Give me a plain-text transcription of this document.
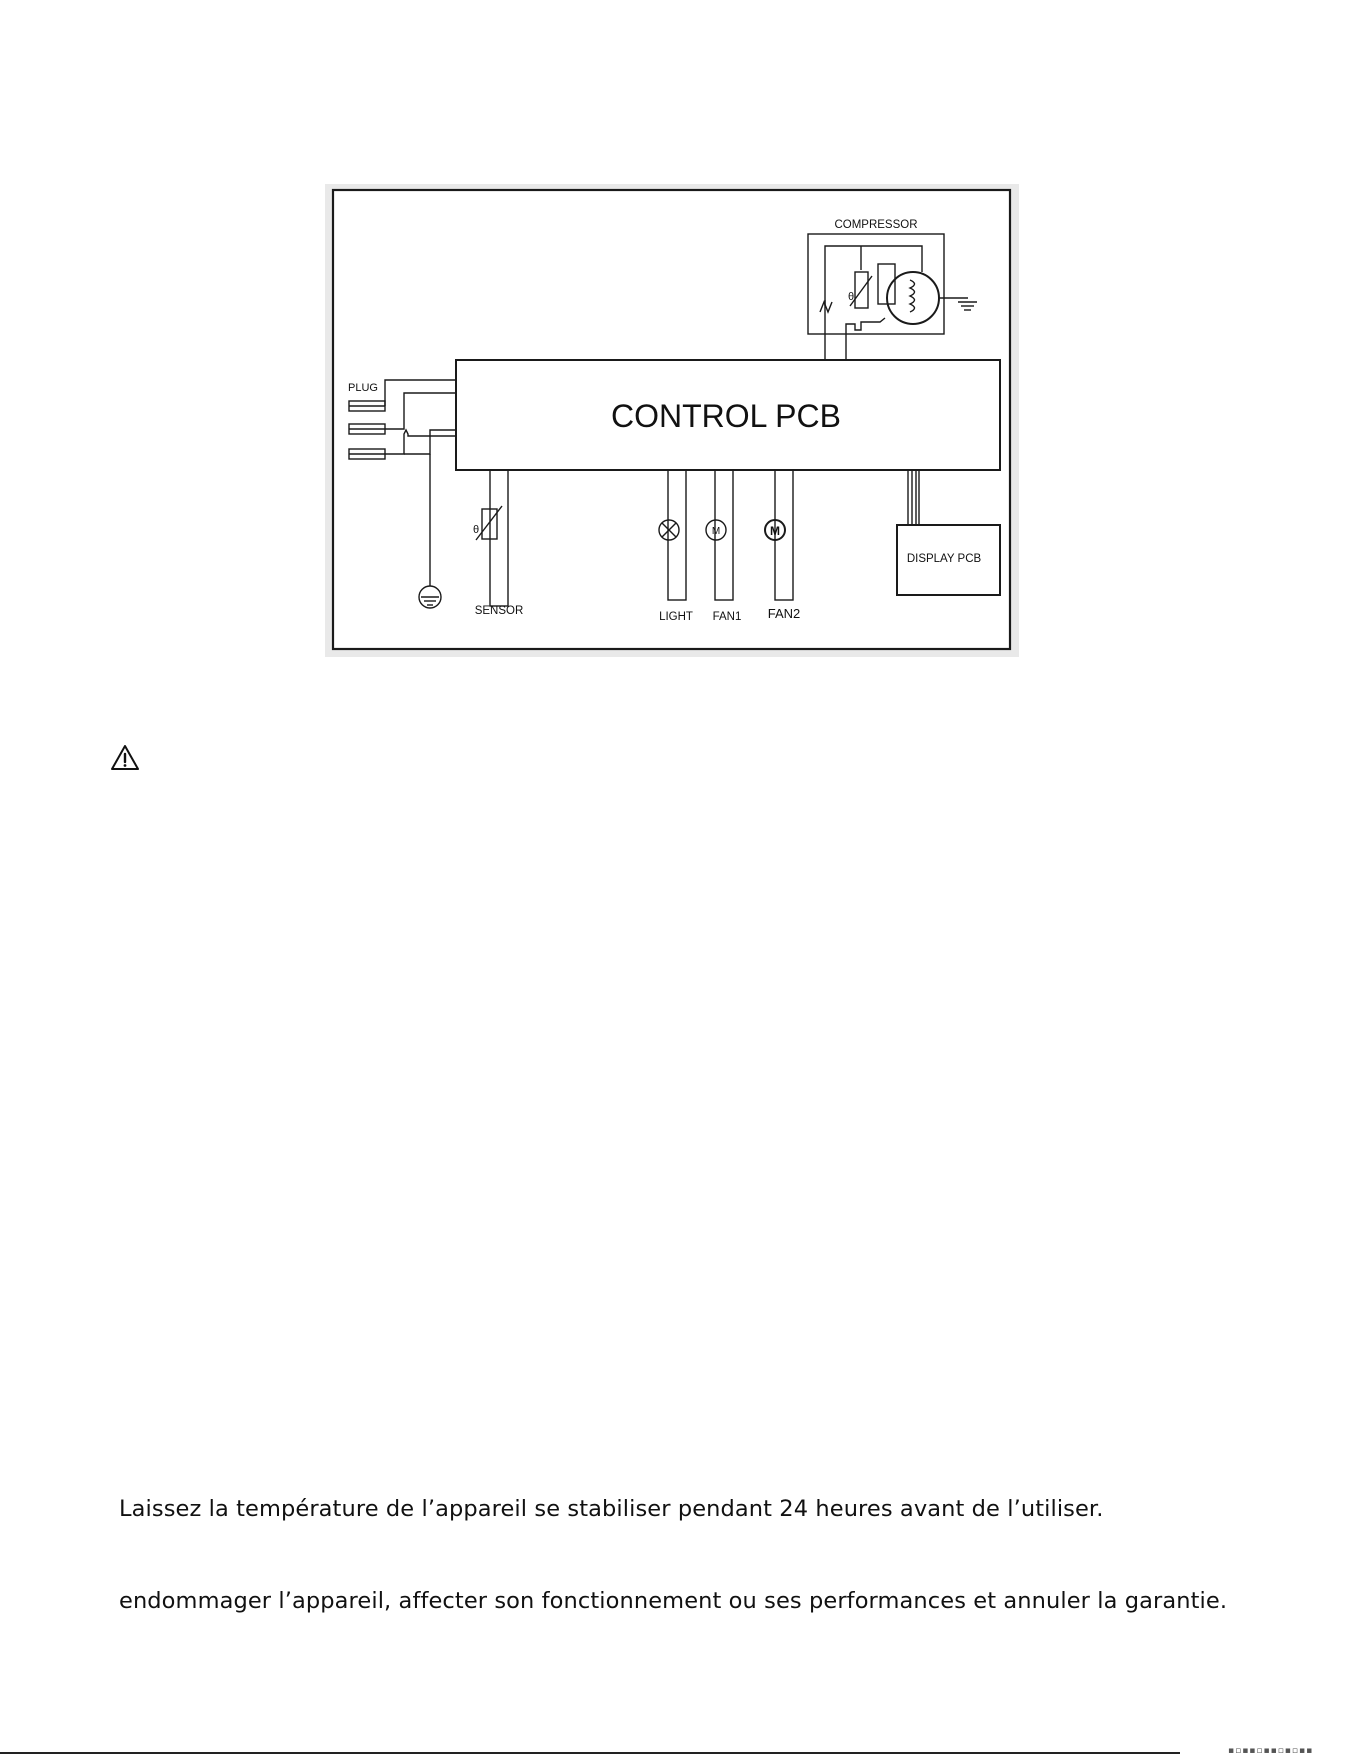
COMPRESSOR
θ
CONTROL PCB
PLUG
θ
SENSOR	LIGHT
M
FAN1
M
FAN2
DISPLAY PCB
Laissez la température de l’appareil se stabiliser pendant 24 heures avant de l’utiliser.
endommager l’appareil, affecter son fonctionnement ou ses performances et annuler la garantie.
▪▫▪▪▫▪▪▫▪▫▪▪
